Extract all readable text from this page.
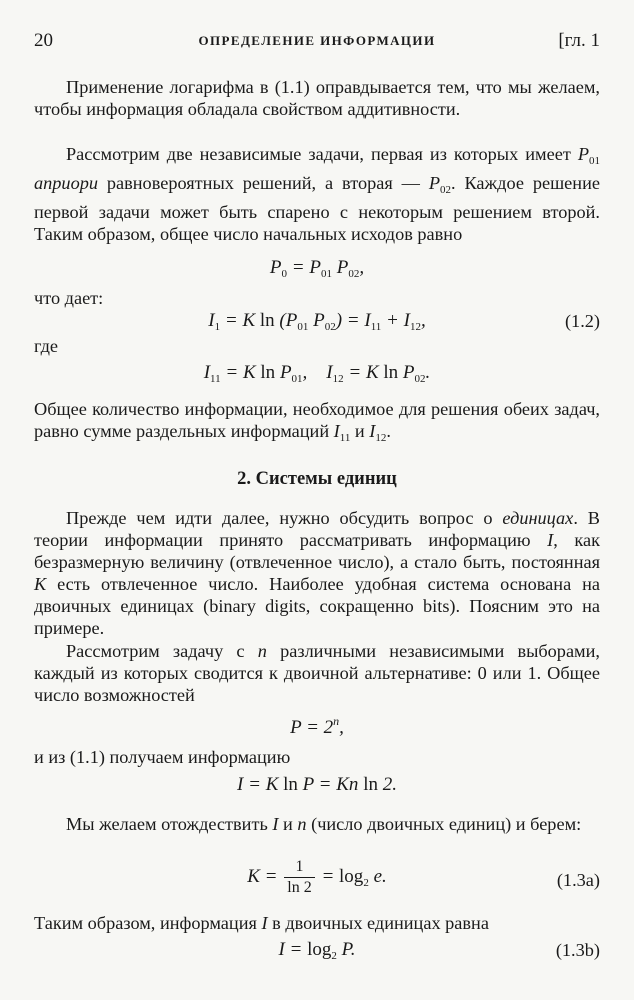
20	ОПРЕДЕЛЕНИЕ ИНФОРМАЦИИ	[гл. 1

Применение логарифма в (1.1) оправдывается тем, что мы желаем, чтобы информация обладала свойством аддитивности.

Рассмотрим две независимые задачи, первая из которых имеет $P_{01}$ априори равновероятных решений, а вторая — $P_{02}$. Каждое решение первой задачи может быть спарено с некоторым решением второй. Таким образом, общее число начальных исходов равно

$P_0 = P_{01}$ $P_{02}$,
что дает:
$I_1 = K$ $\ln (P_{01}$ $P_{02}) = I_{11} + I_{12}$,	(1.2)
где
$I_{11} = K$ $\ln P_{01}$,    $I_{12} = K$ $\ln P_{02}$.

Общее количество информации, необходимое для решения обеих задач, равно сумме раздельных информаций $I_{11}$ и $I_{12}$.

2. Системы единиц

Прежде чем идти далее, нужно обсудить вопрос о единицах. В теории информации принято рассматривать информацию I, как безразмерную величину (отвлеченное число), а стало быть, постоянная K есть отвлеченное число. Наиболее удобная система основана на двоичных единицах (binary digits, сокращенно bits). Поясним это на примере.

Рассмотрим задачу с n различными независимыми выборами, каждый из которых сводится к двоичной альтернативе: 0 или 1. Общее число возможностей

$P = 2^n$,
и из (1.1) получаем информацию
I = K ln P = Kn ln 2.

Мы желаем отождествить I и n (число двоичных единиц) и берем:

$K = \frac{1}{\ln 2} = \log_2 e$.	(1.3a)

Таким образом, информация I в двоичных единицах равна

$I = \log_2 P$.	(1.3b)
